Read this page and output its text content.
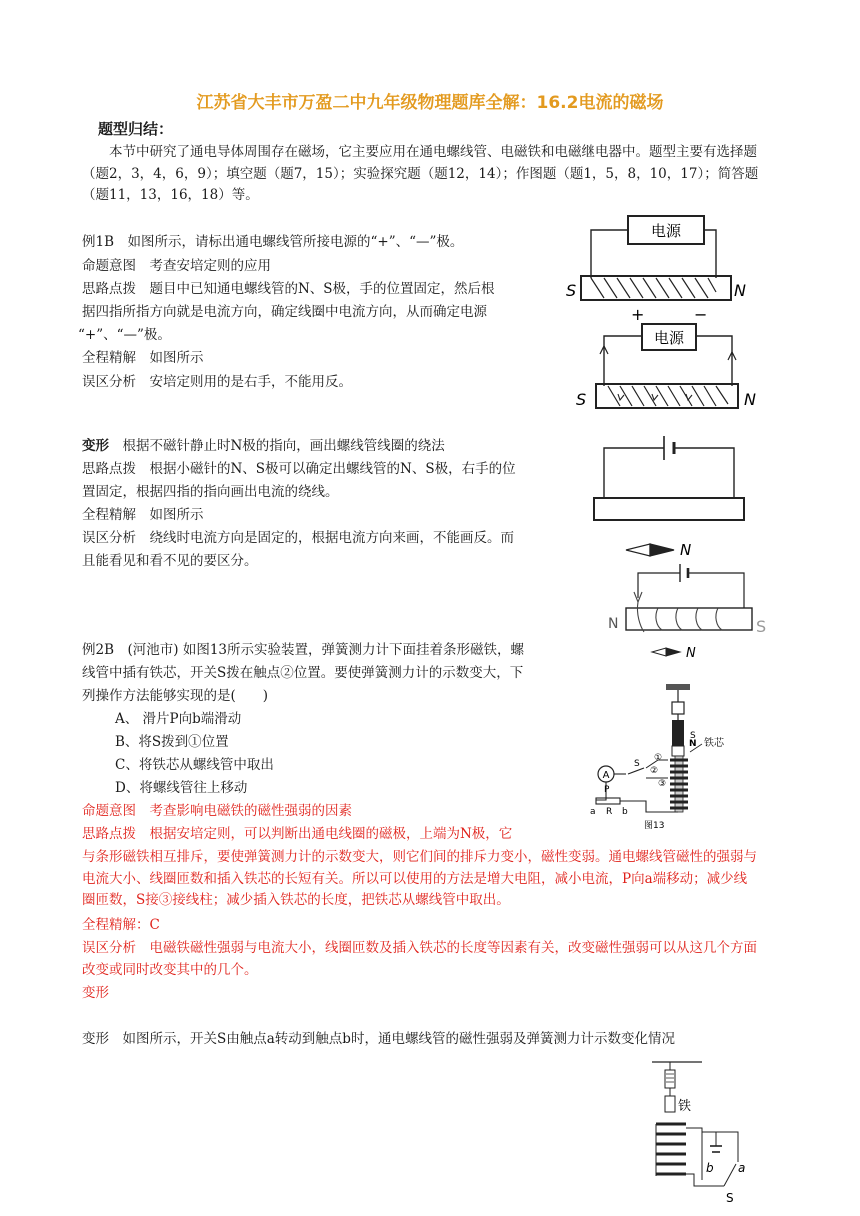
江苏省大丰市万盈二中九年级物理题库全解：16.2电流的磁场
题型归结：
本节中研究了通电导体周围存在磁场，它主要应用在通电螺线管、电磁铁和电磁继电器中。题型主要有选择题（题2，3，4，6，9）；填空题（题7，15）；实验探究题（题12，14）；作图题（题1，5，8，10，17）；简答题（题11，13，16，18）等。
例1B　如图所示，请标出通电螺线管所接电源的“+”、“—”极。
命题意图　考查安培定则的应用
思路点拨　题目中已知通电螺线管的N、S极，手的位置固定，然后根
据四指所指方向就是电流方向，确定线圈中电流方向，从而确定电源
“+”、“—”极。
全程精解　如图所示
误区分析　安培定则用的是右手，不能用反。
变形　根据不磁针静止时N极的指向，画出螺线管线圈的绕法
思路点拨　根据小磁针的N、S极可以确定出螺线管的N、S极，右手的位
置固定，根据四指的指向画出电流的绕线。
全程精解　如图所示
误区分析　绕线时电流方向是固定的，根据电流方向来画，不能画反。而
且能看见和看不见的要区分。
例2B　(河池市) 如图13所示实验装置，弹簧测力计下面挂着条形磁铁，螺
线管中插有铁芯，开关S拨在触点②位置。要使弹簧测力计的示数变大，下
列操作方法能够实现的是(　　)
A、 滑片P向b端滑动
B、将S拨到①位置
C、将铁芯从螺线管中取出
D、将螺线管往上移动
命题意图　考查影响电磁铁的磁性强弱的因素
思路点拨　根据安培定则，可以判断出通电线圈的磁极，上端为N极，它
与条形磁铁相互排斥，要使弹簧测力计的示数变大，则它们间的排斥力变小，磁性变弱。通电螺线管磁性的强弱与电流大小、线圈匝数和插入铁芯的长短有关。所以可以使用的方法是增大电阻，减小电流，P向a端移动；减少线圈匝数，S接③接线柱；减少插入铁芯的长度，把铁芯从螺线管中取出。
全程精解：C
误区分析　电磁铁磁性强弱与电流大小，线圈匝数及插入铁芯的长度等因素有关，改变磁性强弱可以从这几个方面改变或同时改变其中的几个。
变形
变形　如图所示，开关S由触点a转动到触点b时，通电螺线管的磁性强弱及弹簧测力计示数变化情况
电源
S	N
+	−
电源
S	N
N
N	S
N
S
N 铁芯
①
②
③
A
S
P
R
a	b
图13
铁
b a
S
